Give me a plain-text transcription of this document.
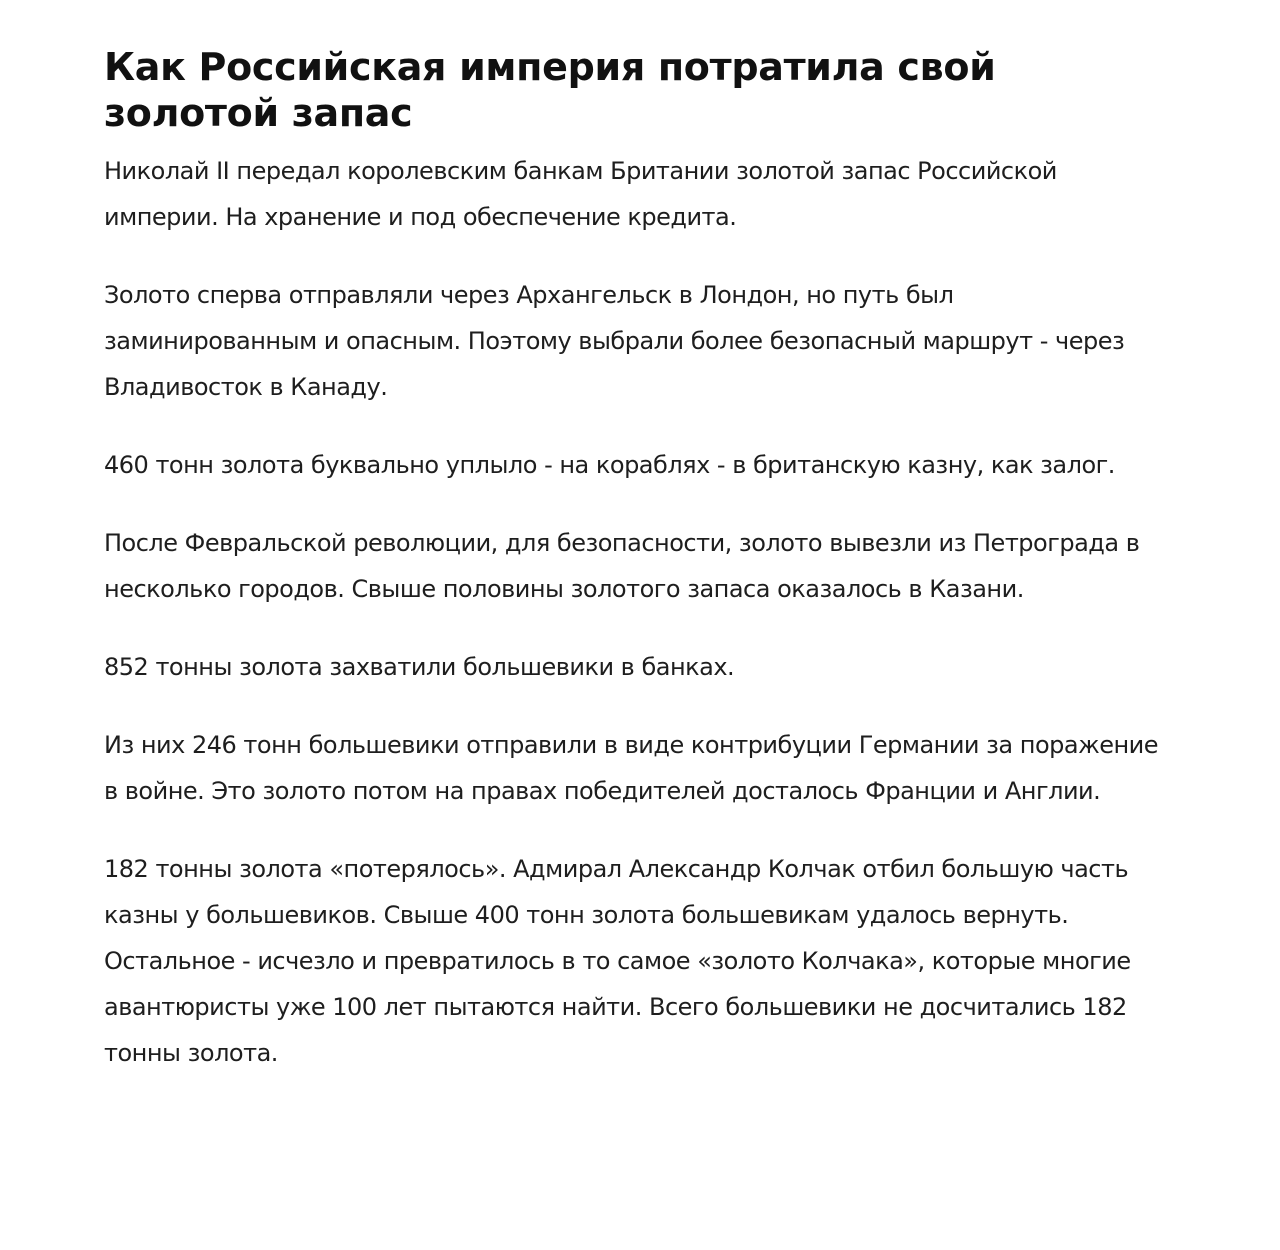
Как Российская империя потратила свой золотой запас

Николай II передал королевским банкам Британии золотой запас Российской империи. На хранение и под обеспечение кредита.

Золото сперва отправляли через Архангельск в Лондон, но путь был заминированным и опасным. Поэтому выбрали более безопасный маршрут - через Владивосток в Канаду.

460 тонн золота буквально уплыло - на кораблях - в британскую казну, как залог.

После Февральской революции, для безопасности, золото вывезли из Петрограда в несколько городов. Свыше половины золотого запаса оказалось в Казани.

852 тонны золота захватили большевики в банках.

Из них 246 тонн большевики отправили в виде контрибуции Германии за поражение в войне. Это золото потом на правах победителей досталось Франции и Англии.

182 тонны золота «потерялось». Адмирал Александр Колчак отбил большую часть казны у большевиков. Свыше 400 тонн золота большевикам удалось вернуть. Остальное - исчезло и превратилось в то самое «золото Колчака», которые многие авантюристы уже 100 лет пытаются найти. Всего большевики не досчитались 182 тонны золота.
